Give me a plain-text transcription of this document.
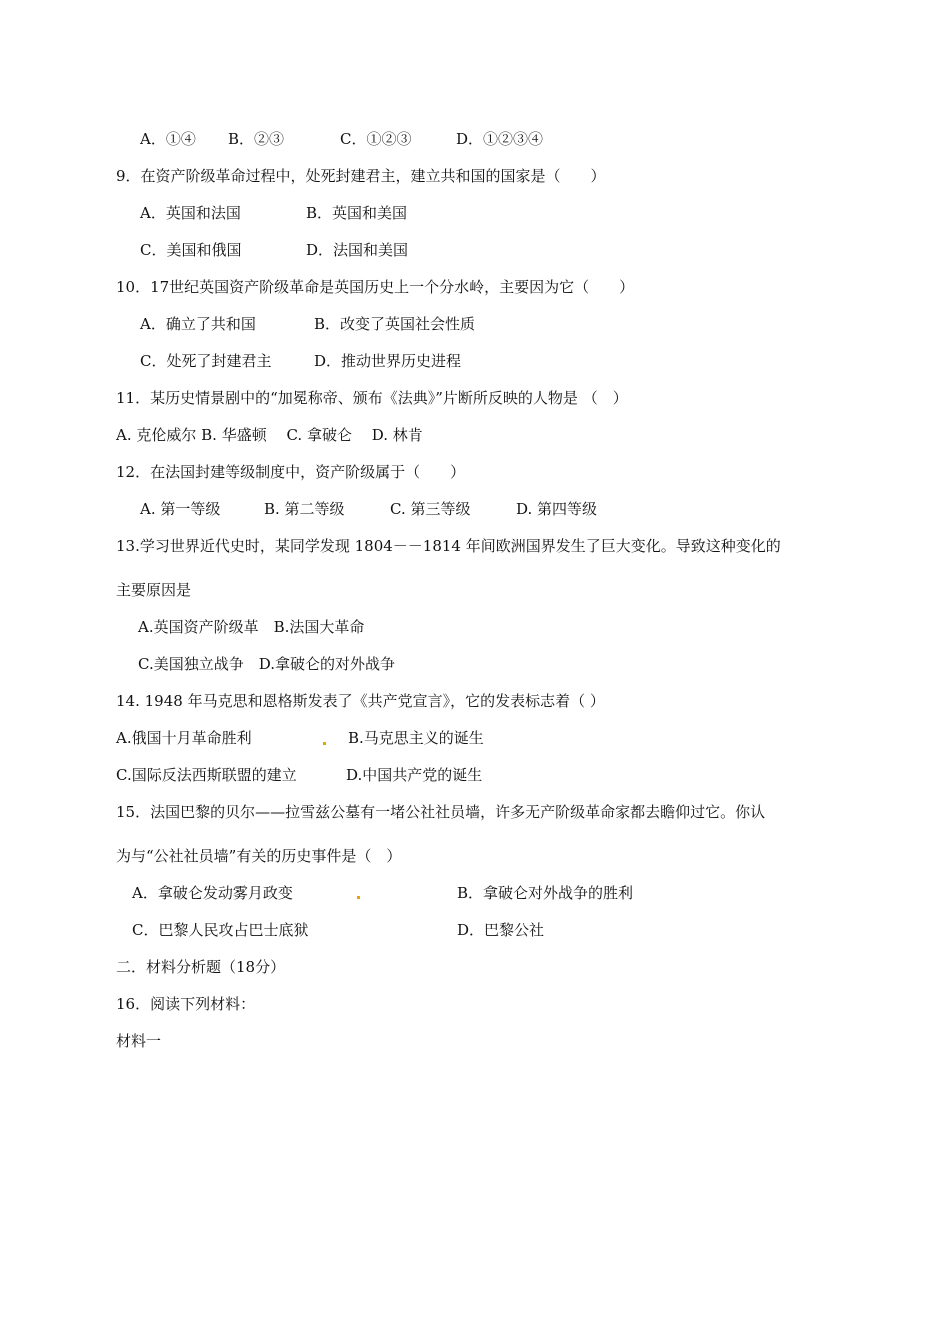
A．①④ B．②③	C．①②③	D．①②③④
9．在资产阶级革命过程中，处死封建君主，建立共和国的国家是（　　）
A．英国和法国	B．英国和美国
C．美国和俄国	D．法国和美国
10．17世纪英国资产阶级革命是英国历史上一个分水岭，主要因为它（　　）
A．确立了共和国	B．改变了英国社会性质
C．处死了封建君主	D．推动世界历史进程
11．某历史情景剧中的“加冕称帝、颁布《法典》”片断所反映的人物是 （　）
A. 克伦威尔 B. 华盛顿　 C. 拿破仑　 D. 林肯
12．在法国封建等级制度中，资产阶级属于（　　）
A. 第一等级	B. 第二等级	C. 第三等级	D. 第四等级
13.学习世界近代史时，某同学发现 1804－－1814 年间欧洲国界发生了巨大变化。导致这种变化的
主要原因是
A.英国资产阶级革　B.法国大革命
C.美国独立战争　D.拿破仑的对外战争
14. 1948 年马克思和恩格斯发表了《共产党宣言》，它的发表标志着（ ）
A.俄国十月革命胜利	B.马克思主义的诞生
C.国际反法西斯联盟的建立	D.中国共产党的诞生
15．法国巴黎的贝尔——拉雪兹公墓有一堵公社社员墙，许多无产阶级革命家都去瞻仰过它。你认
为与“公社社员墙”有关的历史事件是（　）
A．拿破仑发动雾月政变	B．拿破仑对外战争的胜利
C．巴黎人民攻占巴士底狱	D．巴黎公社
二．材料分析题（18分）
16．阅读下列材料：
材料一
